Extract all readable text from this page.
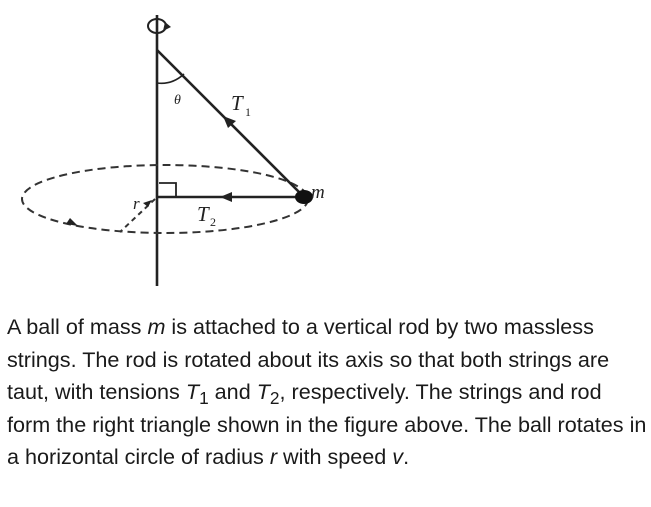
θ T 1
T 2
m
r

A ball of mass m is attached to a vertical rod by two massless strings. The rod is rotated about its axis so that both strings are taut, with tensions $T_1$ and $T_2$, respectively. The strings and rod form the right triangle shown in the figure above. The ball rotates in a horizontal circle of radius r with speed v.
